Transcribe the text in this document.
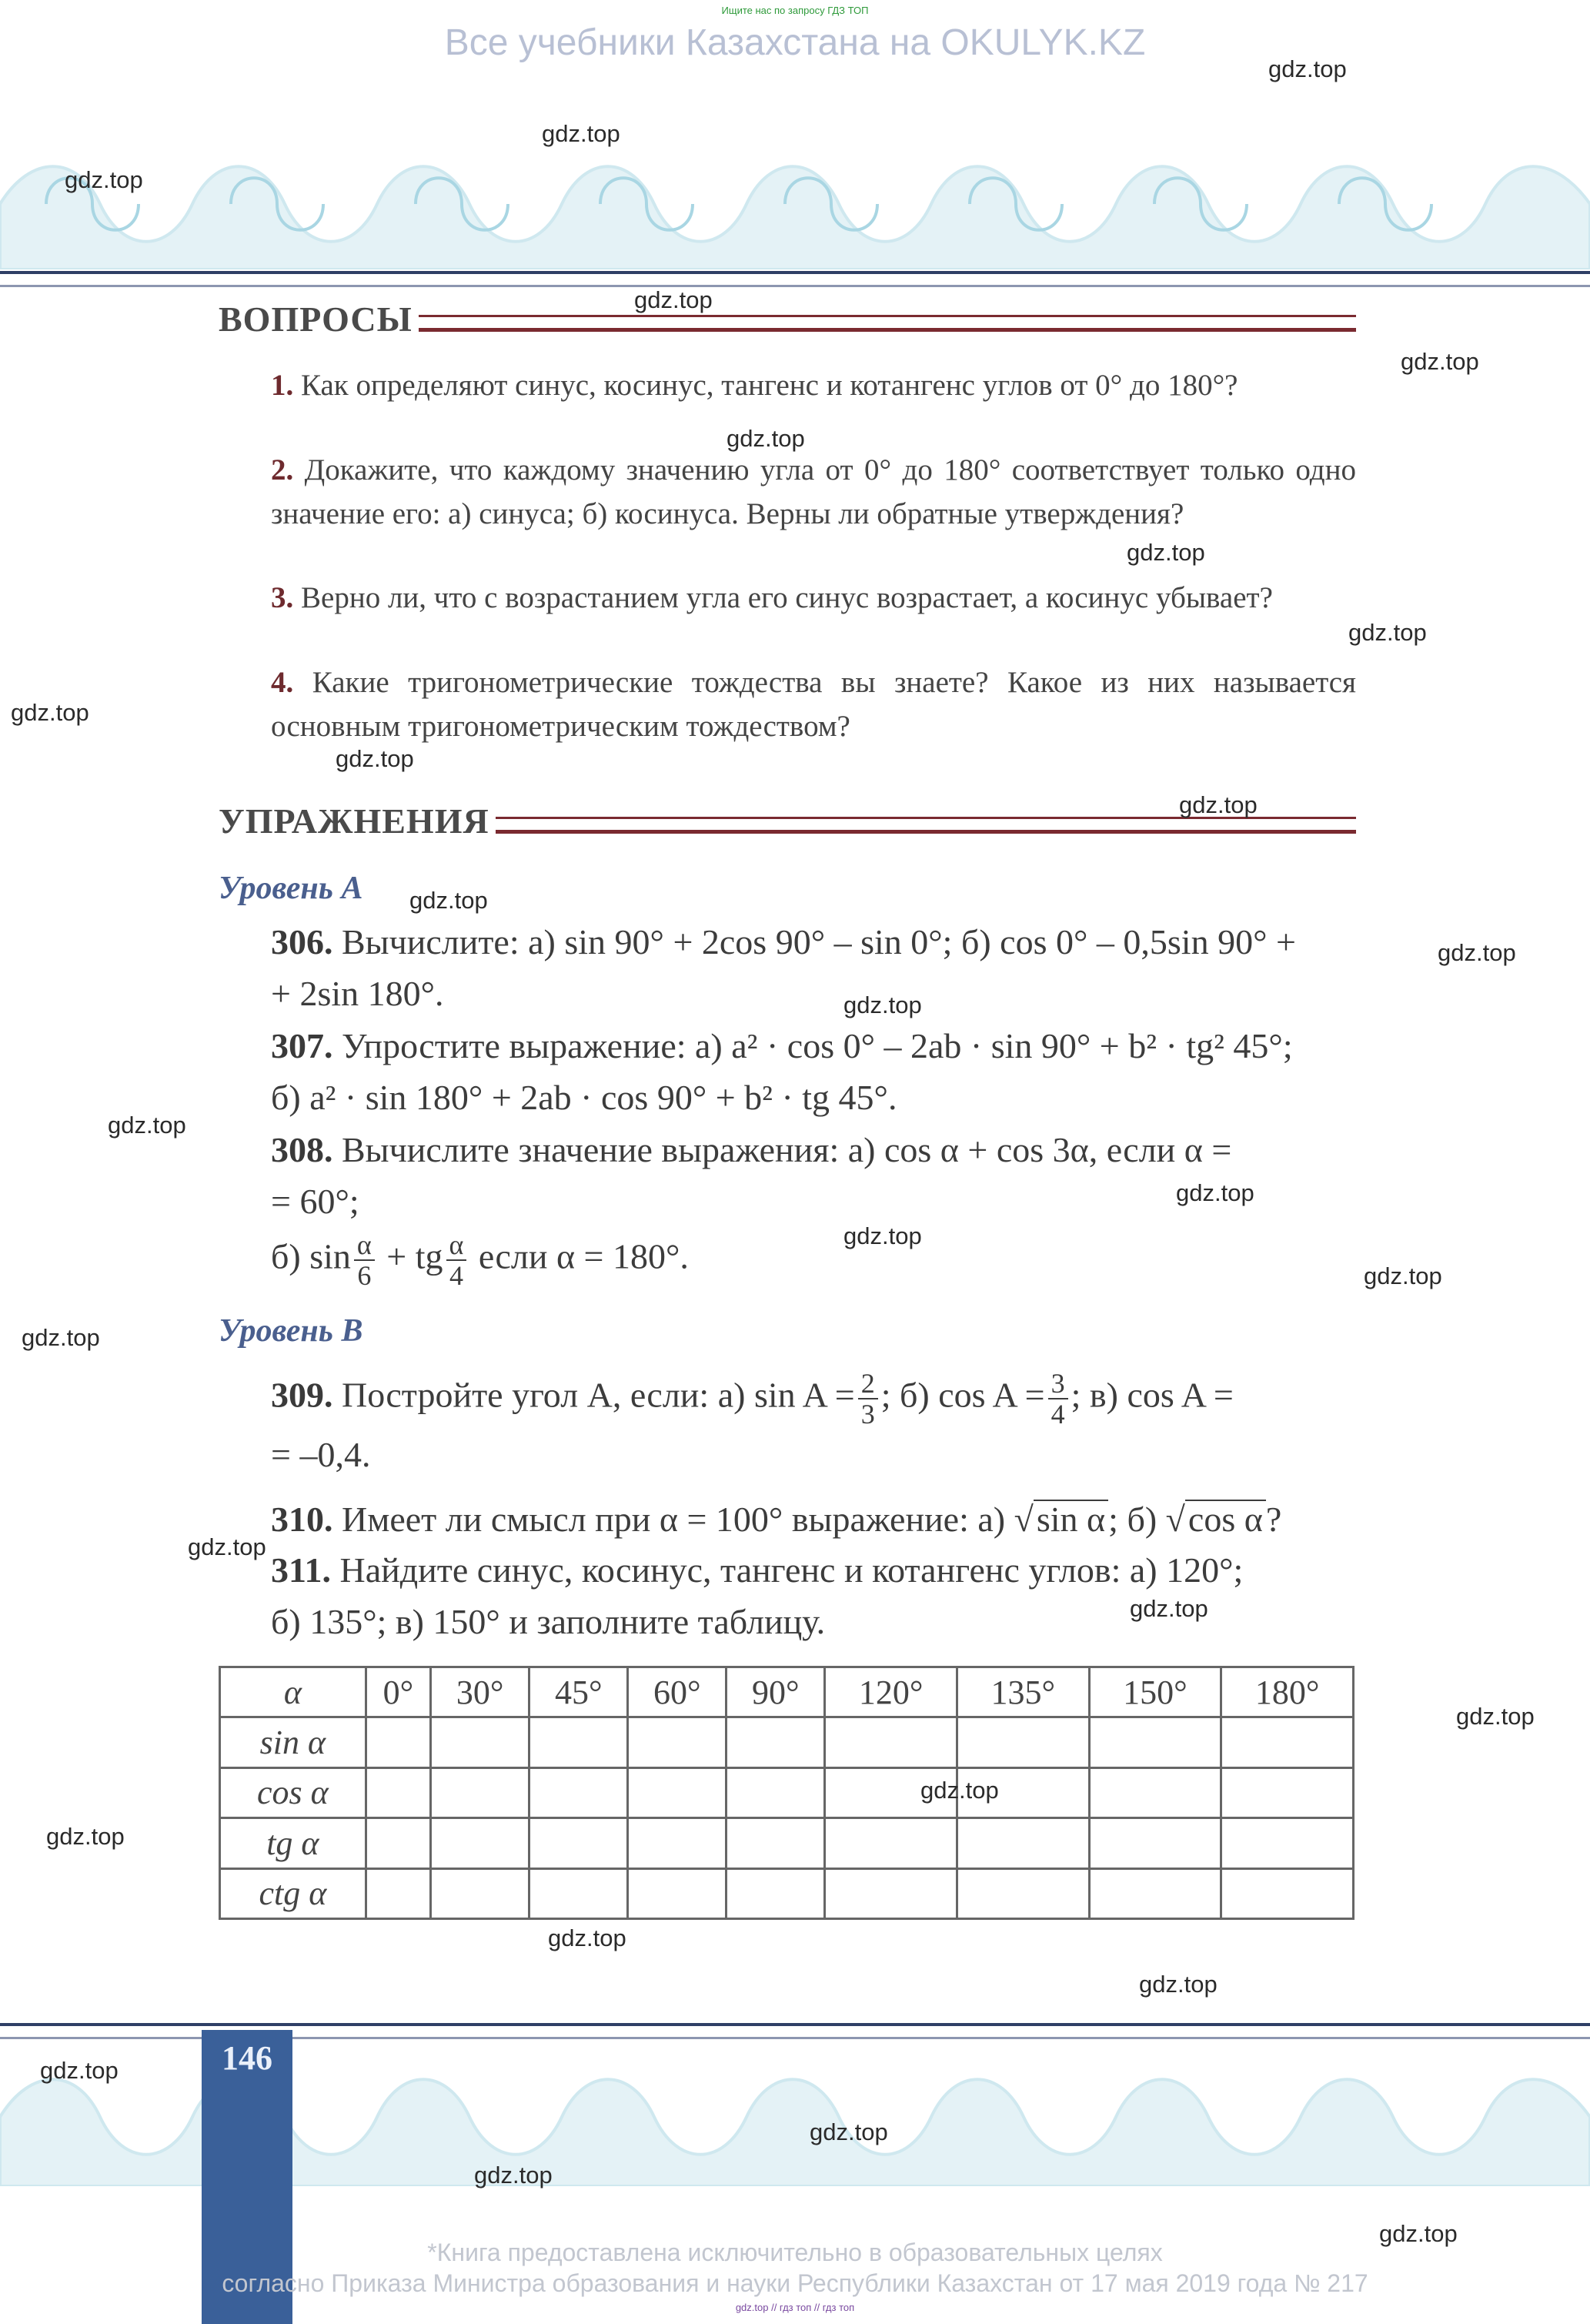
Ищите нас по запросу ГДЗ ТОП
Все учебники Казахстана на OKULYK.KZ
ВОПРОСЫ
1. Как определяют синус, косинус, тангенс и котангенс углов от 0° до 180°?
2. Докажите, что каждому значению угла от 0° до 180° соответствует только одно значение его: а) синуса; б) косинуса. Верны ли обратные утверждения?
3. Верно ли, что с возрастанием угла его синус возрастает, а косинус убывает?
4. Какие тригонометрические тождества вы знаете? Какое из них называется основным тригонометрическим тождеством?
УПРАЖНЕНИЯ
Уровень А
306. Вычислите: а) sin 90° + 2cos 90° – sin 0°; б) cos 0° – 0,5sin 90° +
+ 2sin 180°.
307. Упростите выражение: а) a² · cos 0° – 2ab · sin 90° + b² · tg² 45°;
б) a² · sin 180° + 2ab · cos 90° + b² · tg 45°.
308. Вычислите значение выражения: а) cos α + cos 3α, если α =
= 60°;
б) $\sin \frac{\alpha}{6}$ + tg $\frac{\alpha}{4}$ если α = 180°.
Уровень В
309. Постройте угол A, если: а) $\sin A = \frac{2}{3}$ ; б) $\cos A = \frac{3}{4}$ ; в) cos A =
= –0,4.
310. Имеет ли смысл при α = 100° выражение: а) √sin α; б) √cos α?
311. Найдите синус, косинус, тангенс и котангенс углов: а) 120°;
б) 135°; в) 150° и заполните таблицу.
α	0°	30°	45°	60°	90°	120°	135°	150°	180°
sin α									
cos α									
tg α									
ctg α									
146
*Книга предоставлена исключительно в образовательных целях
согласно Приказа Министра образования и науки Республики Казахстан от 17 мая 2019 года № 217
gdz.top // гдз топ // гдз топ
gdz.top
gdz.top
gdz.top
gdz.top
gdz.top
gdz.top
gdz.top
gdz.top
gdz.top
gdz.top
gdz.top
gdz.top
gdz.top
gdz.top
gdz.top
gdz.top
gdz.top
gdz.top
gdz.top
gdz.top
gdz.top
gdz.top
gdz.top
gdz.top
gdz.top
gdz.top
gdz.top
gdz.top
gdz.top
gdz.top
